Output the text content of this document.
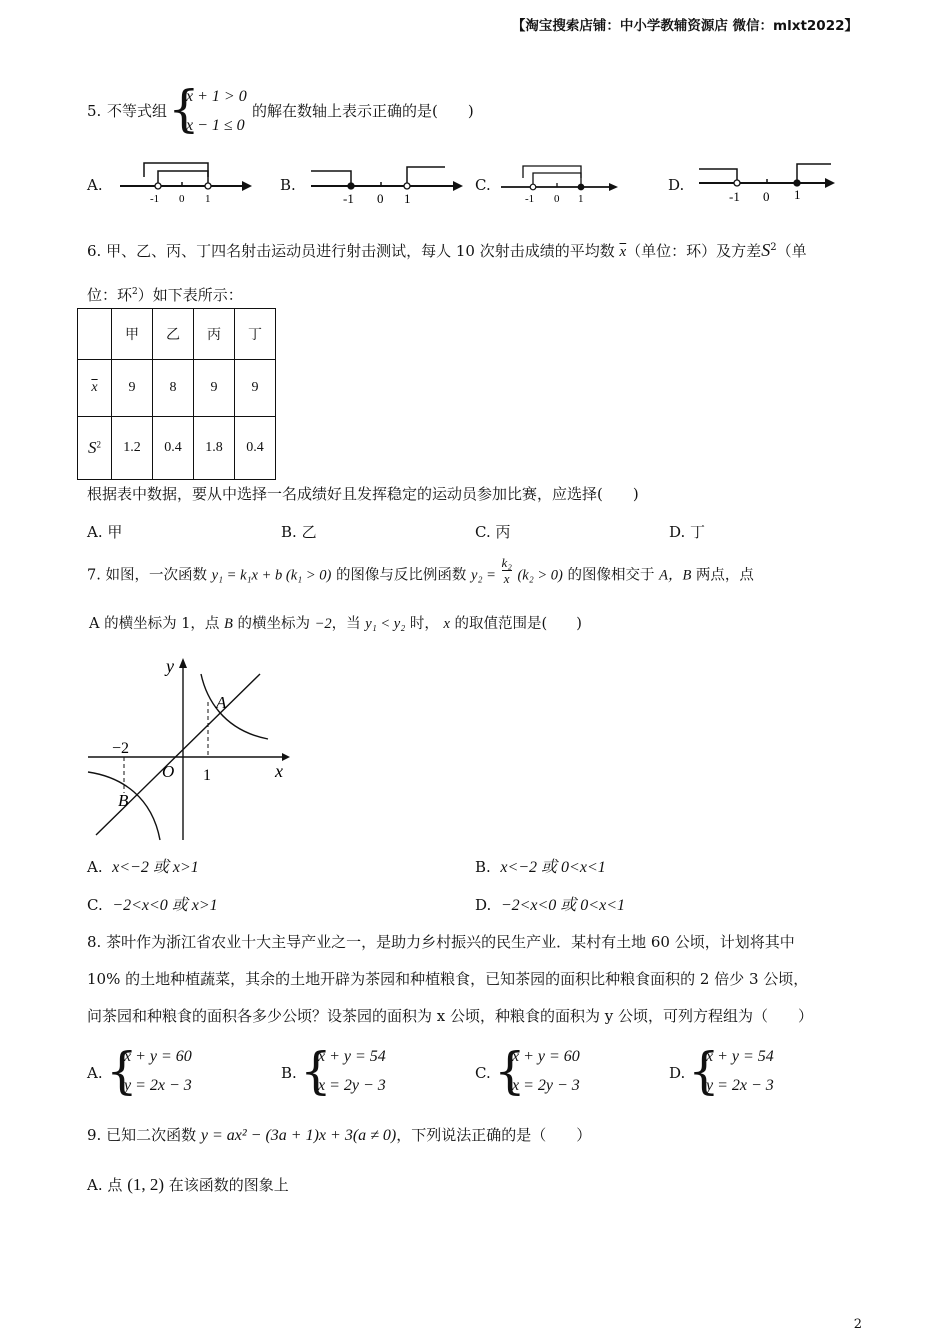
【淘宝搜索店铺：中小学教辅资源店 微信：mlxt2022】
5. 不等式组 {
x + 1 > 0
x − 1 ≤ 0
的解在数轴上表示正确的是(　　)
A.
-1 0 1
B.
-1 0 1
C.
-1 0 1
D.
-1 0 1
6. 甲、乙、丙、丁四名射击运动员进行射击测试，每人 10 次射击成绩的平均数 $\overline{x}$（单位：环）及方差$S^2$（单
位：环$^2$）如下表所示：
	甲	乙	丙	丁
$\overline{x}$	9	8	9	9
$S^2$	1.2	0.4	1.8	0.4
根据表中数据，要从中选择一名成绩好且发挥稳定的运动员参加比赛，应选择(　　)
A. 甲	B. 乙	C. 丙	D. 丁
7. 如图，一次函数 y₁ = k₁x + b (k₁ > 0) 的图像与反比例函数 $y_2 = \frac{\text{k₂}}{x} (k_2 > 0)$ 的图像相交于 A，B 两点，点
A 的横坐标为 1，点 B 的横坐标为 −2，当 y₁ < y₂ 时， x 的取值范围是(　　)
y
x
O
A
B
−2
1
A. x<−2 或 x>1	B. x<−2 或 0<x<1
C. −2<x<0 或 x>1	D. −2<x<0 或 0<x<1
8. 茶叶作为浙江省农业十大主导产业之一，是助力乡村振兴的民生产业．某村有土地 60 公顷，计划将其中
10% 的土地种植蔬菜，其余的土地开辟为茶园和种植粮食，已知茶园的面积比种粮食面积的 2 倍少 3 公顷，
问茶园和种粮食的面积各多少公顷？设茶园的面积为 x 公顷，种粮食的面积为 y 公顷，可列方程组为（　　）
A. {
x + y = 60
y = 2x − 3
B. {
x + y = 54
x = 2y − 3
C. {
x + y = 60
x = 2y − 3
D. {
x + y = 54
y = 2x − 3
9. 已知二次函数 y = ax² − (3a + 1)x + 3(a ≠ 0)，下列说法正确的是（　　）
A. 点 (1, 2) 在该函数的图象上
2
